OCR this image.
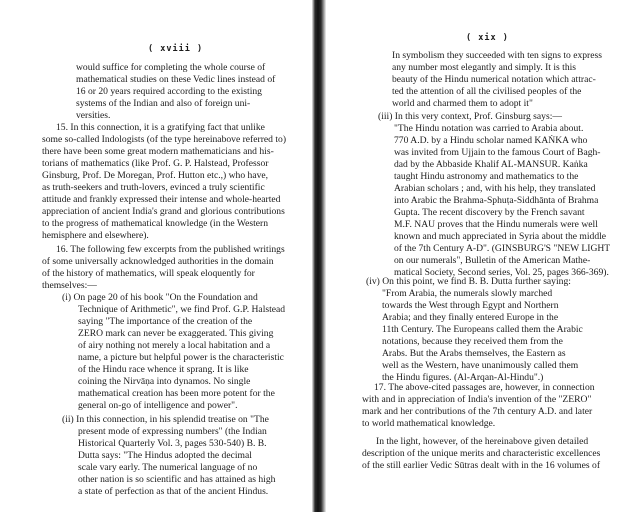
( xviii )
would suffice for completing the whole course of
mathematical studies on these Vedic lines instead of
16 or 20 years required according to the existing
systems of the Indian and also of foreign uni-
versities.
15. In this connection, it is a gratifying fact that unlike
some so-called Indologists (of the type hereinabove referred to)
there have been some great modern mathematicians and his-
torians of mathematics (like Prof. G. P. Halstead, Professor
Ginsburg, Prof. De Moregan, Prof. Hutton etc.,) who have,
as truth-seekers and truth-lovers, evinced a truly scientific
attitude and frankly expressed their intense and whole-hearted
appreciation of ancient India's grand and glorious contributions
to the progress of mathematical knowledge (in the Western
hemisphere and elsewhere).
16. The following few excerpts from the published writings
of some universally acknowledged authorities in the domain
of the history of mathematics, will speak eloquently for
themselves:—
(i) On page 20 of his book "On the Foundation and
Technique of Arithmetic", we find Prof. G.P. Halstead
saying "The importance of the creation of the
ZERO mark can never be exaggerated. This giving
of airy nothing not merely a local habitation and a
name, a picture but helpful power is the characteristic
of the Hindu race whence it sprang. It is like
coining the Nirvāṇa into dynamos. No single
mathematical creation has been more potent for the
general on-go of intelligence and power".
(ii) In this connection, in his splendid treatise on "The
present mode of expressing numbers" (the Indian
Historical Quarterly Vol. 3, pages 530-540) B. B.
Dutta says: "The Hindus adopted the decimal
scale vary early. The numerical language of no
other nation is so scientific and has attained as high
a state of perfection as that of the ancient Hindus.
( xix )
In symbolism they succeeded with ten signs to express
any number most elegantly and simply. It is this
beauty of the Hindu numerical notation which attrac-
ted the attention of all the civilised peoples of the
world and charmed them to adopt it"
(iii) In this very context, Prof. Ginsburg says:—
"The Hindu notation was carried to Arabia about.
770 A.D. by a Hindu scholar named KAṄKA who
was invited from Ujjain to the famous Court of Bagh-
dad by the Abbaside Khalif AL-MANSUR. Kaṅka
taught Hindu astronomy and mathematics to the
Arabian scholars ; and, with his help, they translated
into Arabic the Brahma-Sphuṭa-Siddhānta of Brahma
Gupta. The recent discovery by the French savant
M.F. NAU proves that the Hindu numerals were well
known and much appreciated in Syria about the middle
of the 7th Century A-D". (GINSBURG'S "NEW LIGHT
on our numerals", Bulletin of the American Mathe-
matical Society, Second series, Vol. 25, pages 366-369).
(iv) On this point, we find B. B. Dutta further saying:
"From Arabia, the numerals slowly marched
towards the West through Egypt and Northern
Arabia; and they finally entered Europe in the
11th Century. The Europeans called them the Arabic
notations, because they received them from the
Arabs. But the Arabs themselves, the Eastern as
well as the Western, have unanimously called them
the Hindu figures. (Al-Arqan-Al-Hindu".)
17. The above-cited passages are, however, in connection
with and in appreciation of India's invention of the "ZERO"
mark and her contributions of the 7th century A.D. and later
to world mathematical knowledge.
In the light, however, of the hereinabove given detailed
description of the unique merits and characteristic excellences
of the still earlier Vedic Sūtras dealt with in the 16 volumes of
